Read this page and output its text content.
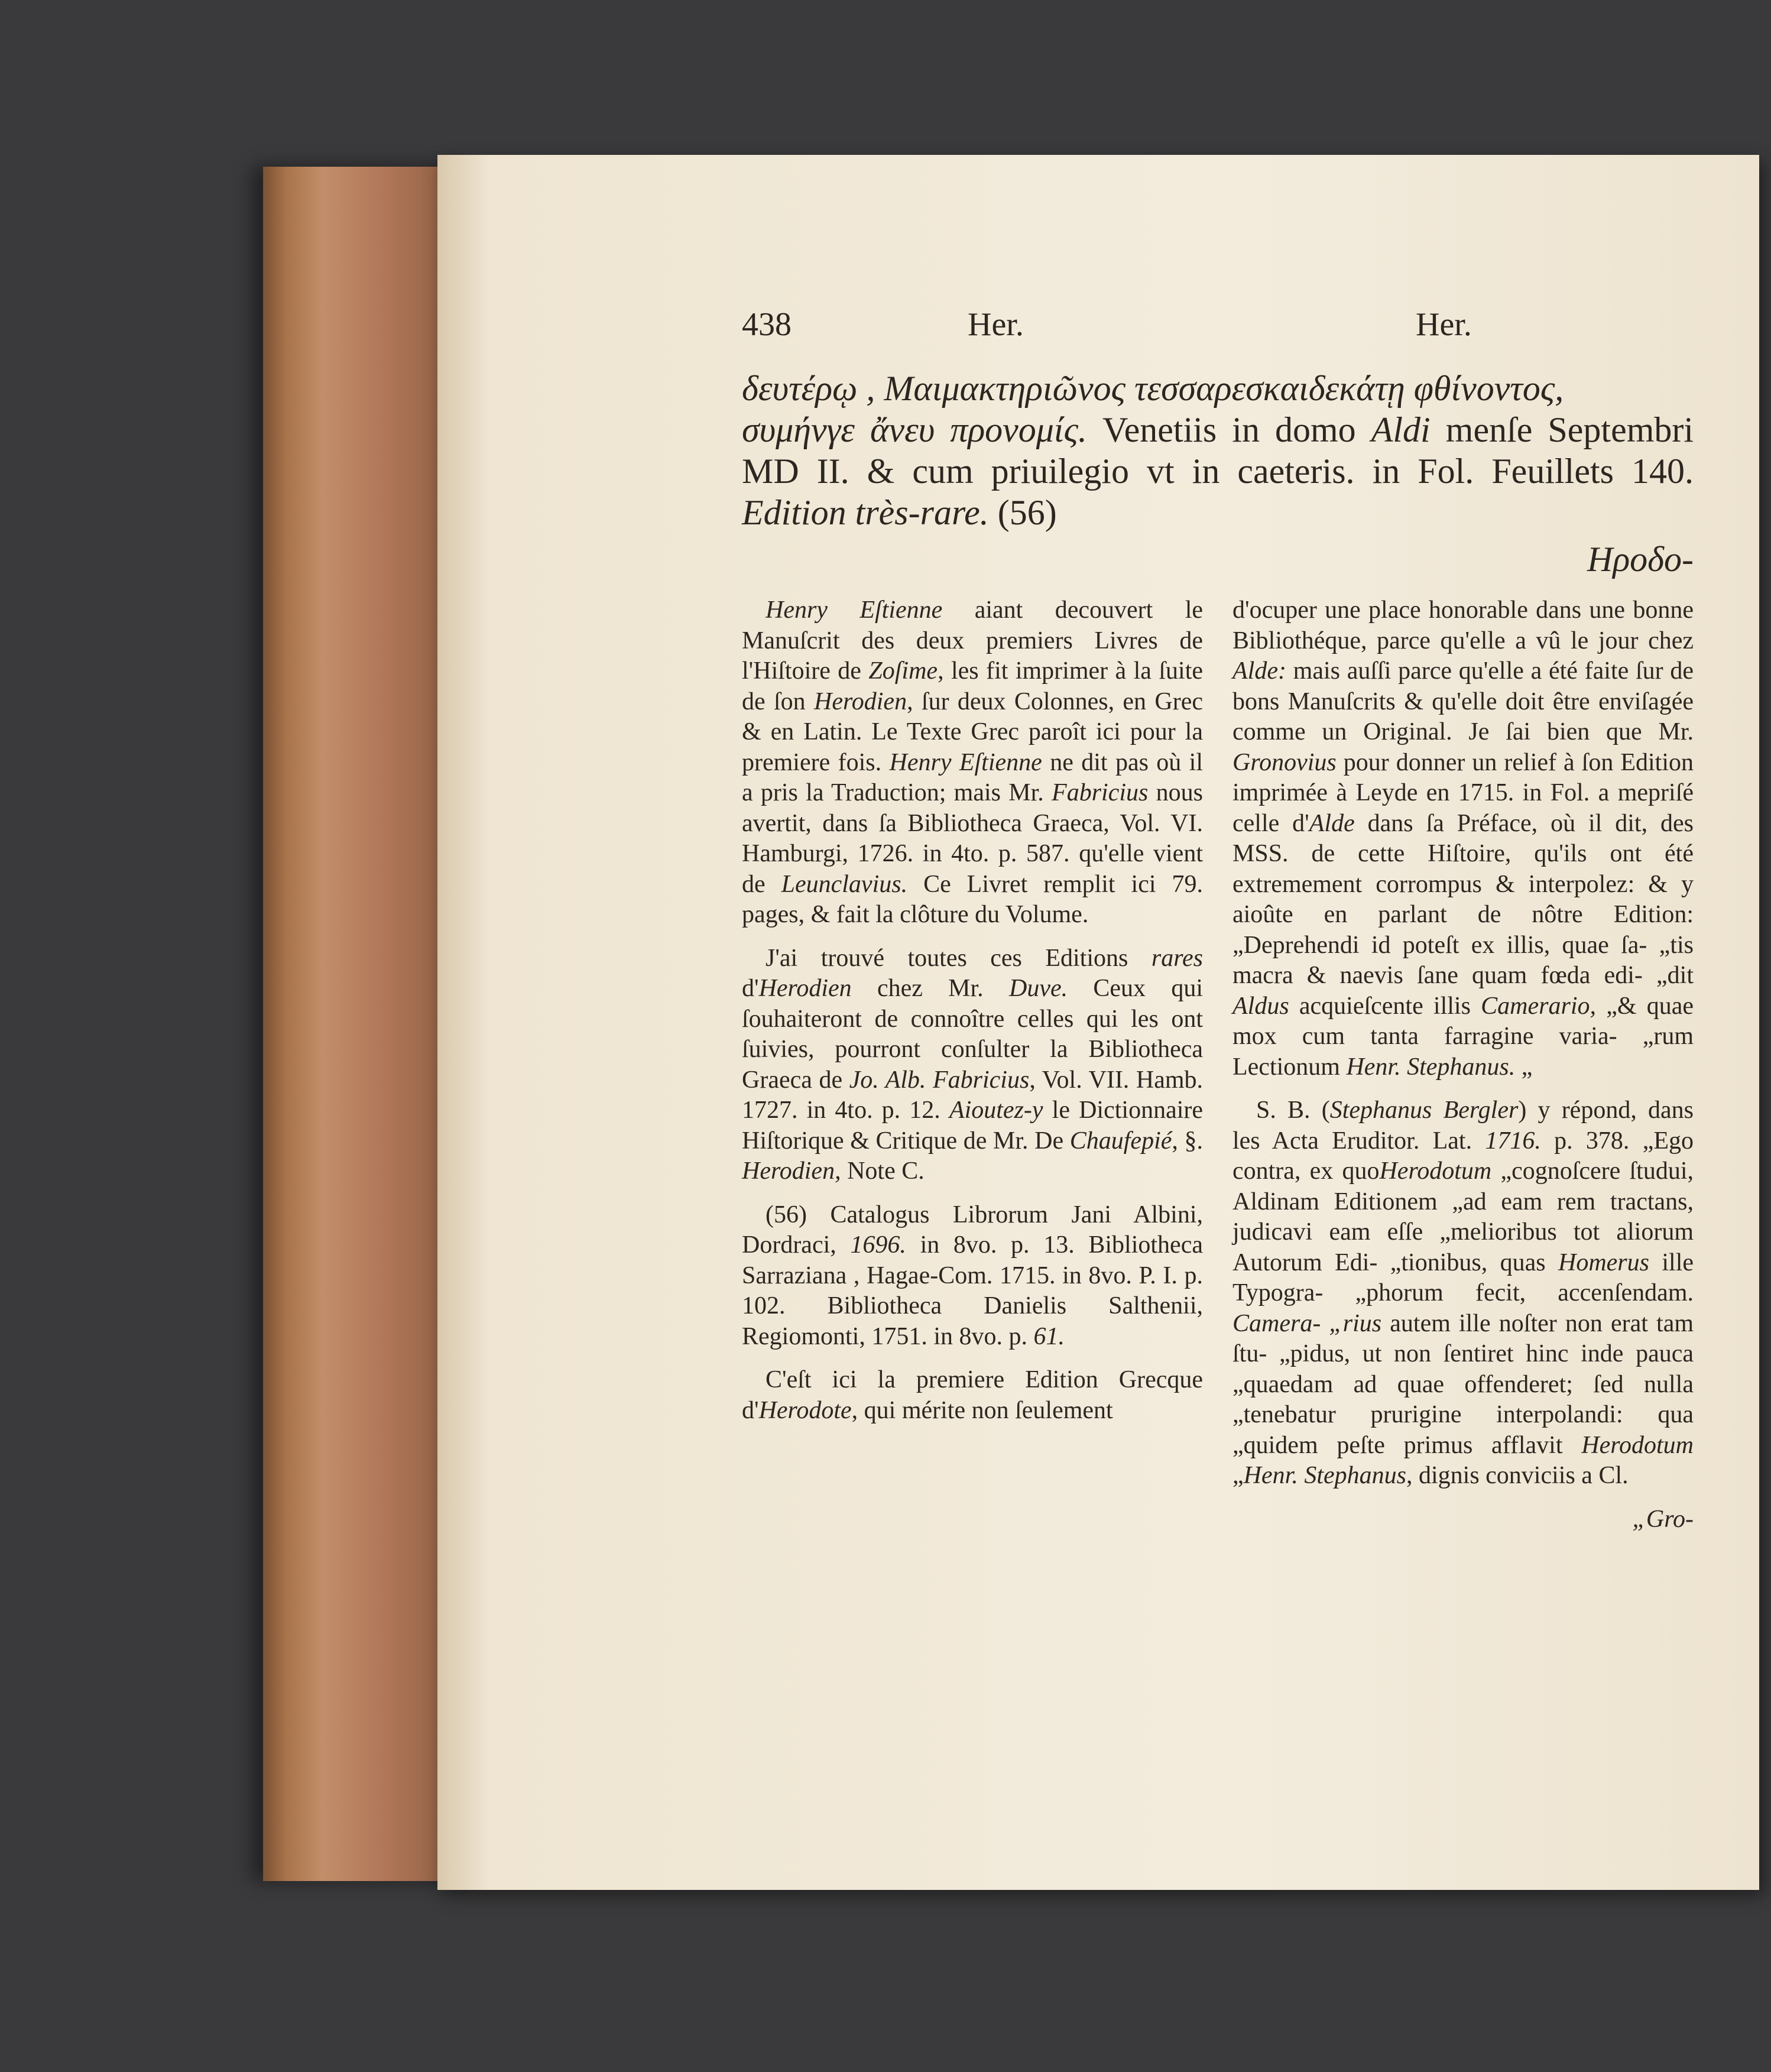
438	Her.	Her.
δευτέρῳ , Μαιμακτηριῶνος τεσσαρεσκαιδεκάτῃ φθίνοντος,
συμήνγε ἄνευ προνομίς. Venetiis in domo Aldi menſe Septembri MD II. & cum priuilegio vt in caeteris. in Fol. Feuillets 140. Edition très-rare. (56)
Ηροδο-

Henry Eſtienne aiant decouvert le Manuſcrit des deux premiers Livres de l'Hiſtoire de Zoſime, les fit imprimer à la ſuite de ſon Herodien, ſur deux Colonnes, en Grec & en Latin. Le Texte Grec paroît ici pour la premiere fois. Henry Eſtienne ne dit pas où il a pris la Traduction; mais Mr. Fabricius nous avertit, dans ſa Bibliotheca Graeca, Vol. VI. Hamburgi, 1726. in 4to. p. 587. qu'elle vient de Leunclavius. Ce Livret remplit ici 79. pages, & fait la clôture du Volume.

J'ai trouvé toutes ces Editions rares d'Herodien chez Mr. Duve. Ceux qui ſouhaiteront de connoître celles qui les ont ſuivies, pourront conſulter la Bibliotheca Graeca de Jo. Alb. Fabricius, Vol. VII. Hamb. 1727. in 4to. p. 12. Aioutez-y le Dictionnaire Hiſtorique & Critique de Mr. De Chaufepié, §. Herodien, Note C.

(56) Catalogus Librorum Jani Albini, Dordraci, 1696. in 8vo. p. 13. Bibliotheca Sarraziana , Hagae-Com. 1715. in 8vo. P. I. p. 102. Bibliotheca Danielis Salthenii, Regiomonti, 1751. in 8vo. p. 61.

C'eſt ici la premiere Edition Grecque d'Herodote, qui mérite non ſeulement

d'ocuper une place honorable dans une bonne Bibliothéque, parce qu'elle a vû le jour chez Alde: mais auſſi parce qu'elle a été faite ſur de bons Manuſcrits & qu'elle doit être enviſagée comme un Original. Je ſai bien que Mr. Gronovius pour donner un relief à ſon Edition imprimée à Leyde en 1715. in Fol. a mepriſé celle d'Alde dans ſa Préface, où il dit, des MSS. de cette Hiſtoire, qu'ils ont été extremement corrompus & interpolez: & y aioûte en parlant de nôtre Edition: „Deprehendi id poteſt ex illis, quae ſa- „tis macra & naevis ſane quam fœda edi- „dit Aldus acquieſcente illis Camerario, „& quae mox cum tanta farragine varia- „rum Lectionum Henr. Stephanus. „

S. B. (Stephanus Bergler) y répond, dans les Acta Eruditor. Lat. 1716. p. 378. „Ego contra, ex quoHerodotum „cognoſcere ſtudui, Aldinam Editionem „ad eam rem tractans, judicavi eam eſſe „melioribus tot aliorum Autorum Edi- „tionibus, quas Homerus ille Typogra- „phorum fecit, accenſendam. Camera- „rius autem ille noſter non erat tam ſtu- „pidus, ut non ſentiret hinc inde pauca „quaedam ad quae offenderet; ſed nulla „tenebatur prurigine interpolandi: qua „quidem peſte primus afflavit Herodotum „Henr. Stephanus, dignis conviciis a Cl.

„Gro-
